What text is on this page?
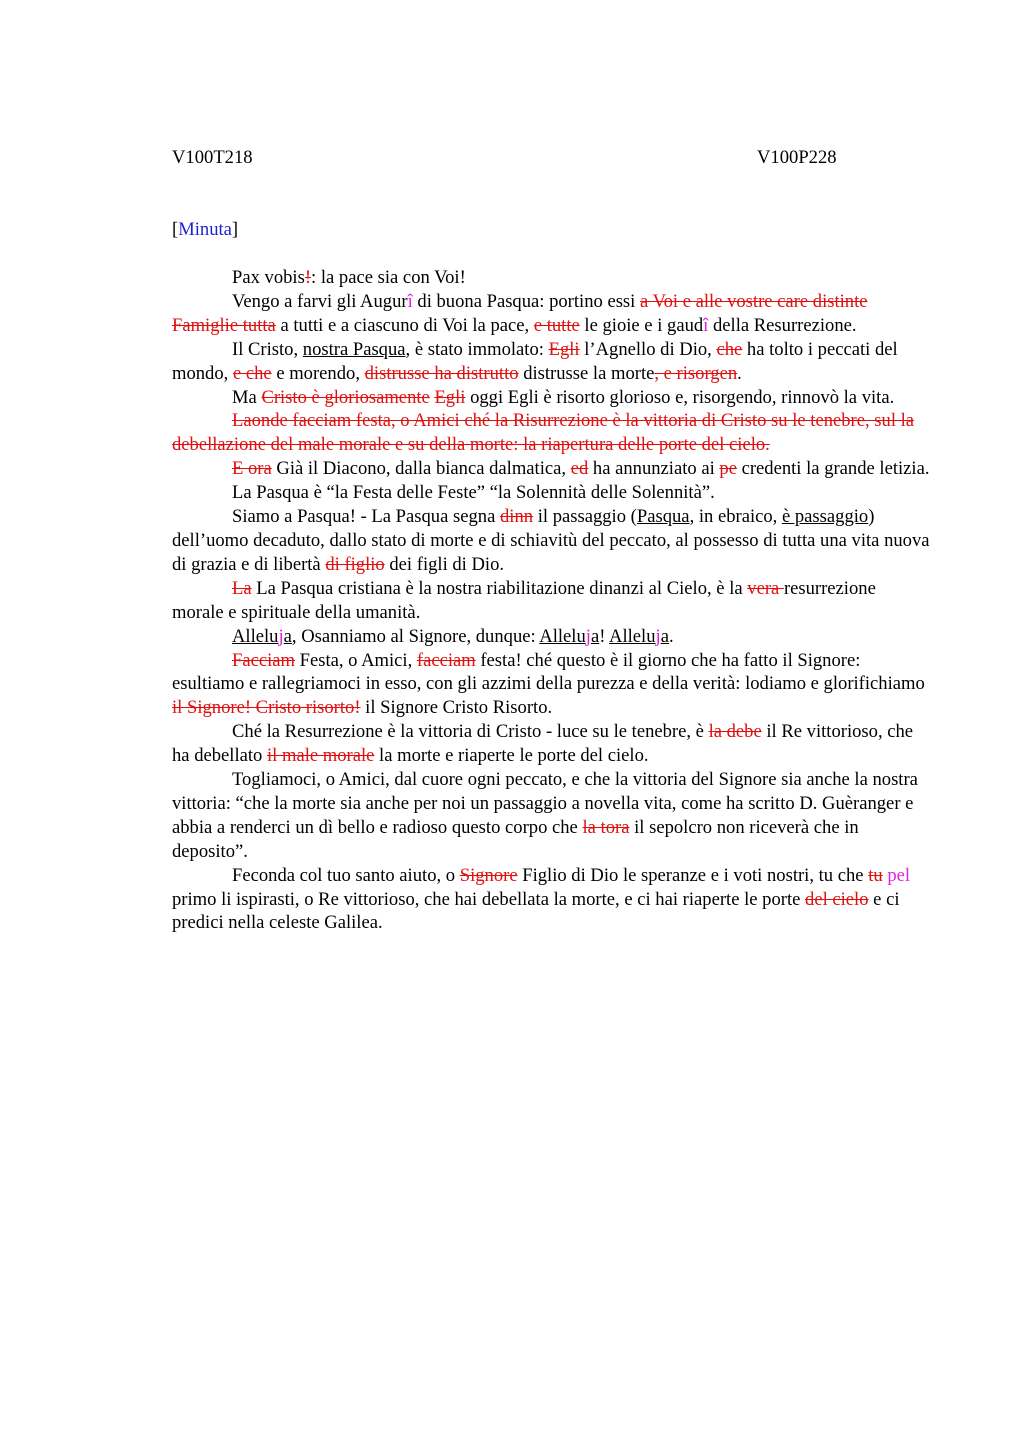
V100T218	V100P228
[Minuta]

Pax vobis!: la pace sia con Voi!

Vengo a farvi gli Augurî di buona Pasqua: portino essi a Voi e alle vostre care distinte Famiglie tutta a tutti e a ciascuno di Voi la pace, e tutte le gioie e i gaudî della Resurrezione.

Il Cristo, nostra Pasqua, è stato immolato: Egli l’Agnello di Dio, che ha tolto i peccati del mondo, e che e morendo, distrusse ha distrutto distrusse la morte, e risorgen.

Ma Cristo è gloriosamente Egli oggi Egli è risorto glorioso e, risorgendo, rinnovò la vita.

Laonde facciam festa, o Amici ché la Risurrezione è la vittoria di Cristo su le tenebre, sul la debellazione del male morale e su della morte: la riapertura delle porte del cielo.

E ora Già il Diacono, dalla bianca dalmatica, ed ha annunziato ai pe credenti la grande letizia.

La Pasqua è “la Festa delle Feste” “la Solennità delle Solennità”.

Siamo a Pasqua! - La Pasqua segna dinn il passaggio (Pasqua, in ebraico, è passaggio) dell’uomo decaduto, dallo stato di morte e di schiavitù del peccato, al possesso di tutta una vita nuova di grazia e di libertà di figlio dei figli di Dio.

La La Pasqua cristiana è la nostra riabilitazione dinanzi al Cielo, è la vera resurrezione morale e spirituale della umanità.

Alleluja, Osanniamo al Signore, dunque: Alleluja! Alleluja.

Facciam Festa, o Amici, facciam festa! ché questo è il giorno che ha fatto il Signore: esultiamo e rallegriamoci in esso, con gli azzimi della purezza e della verità: lodiamo e glorifichiamo il Signore! Cristo risorto! il Signore Cristo Risorto.

Ché la Resurrezione è la vittoria di Cristo - luce su le tenebre, è la debe il Re vittorioso, che ha debellato il male morale la morte e riaperte le porte del cielo.

Togliamoci, o Amici, dal cuore ogni peccato, e che la vittoria del Signore sia anche la nostra vittoria: “che la morte sia anche per noi un passaggio a novella vita, come ha scritto D. Guèranger e abbia a renderci un dì bello e radioso questo corpo che la tora il sepolcro non riceverà che in deposito”.

Feconda col tuo santo aiuto, o Signore Figlio di Dio le speranze e i voti nostri, tu che tu pel primo li ispirasti, o Re vittorioso, che hai debellata la morte, e ci hai riaperte le porte del cielo e ci predici nella celeste Galilea.
